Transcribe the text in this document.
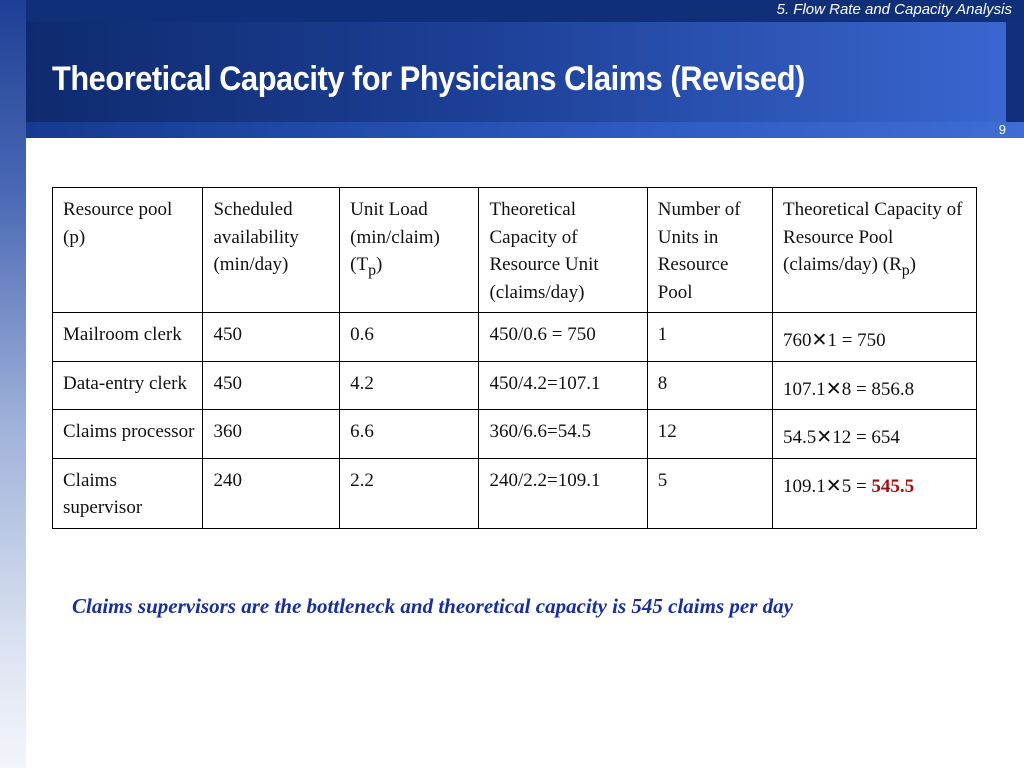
5. Flow Rate and Capacity Analysis
Theoretical Capacity for Physicians Claims (Revised)
9
Resource pool (p)	Scheduled availability (min/day)	Unit Load (min/claim) $(T_p)$	Theoretical Capacity of Resource Unit (claims/day)	Number of Units in Resource Pool	Theoretical Capacity of Resource Pool (claims/day) $(R_p)$
Mailroom clerk	450	0.6	450/0.6 = 750	1	760✕1 = 750
Data-entry clerk	450	4.2	450/4.2=107.1	8	107.1✕8 = 856.8
Claims processor	360	6.6	360/6.6=54.5	12	54.5✕12 = 654
Claims supervisor	240	2.2	240/2.2=109.1	5	109.1✕5 = 545.5
Claims supervisors are the bottleneck and theoretical capacity is 545 claims per day
